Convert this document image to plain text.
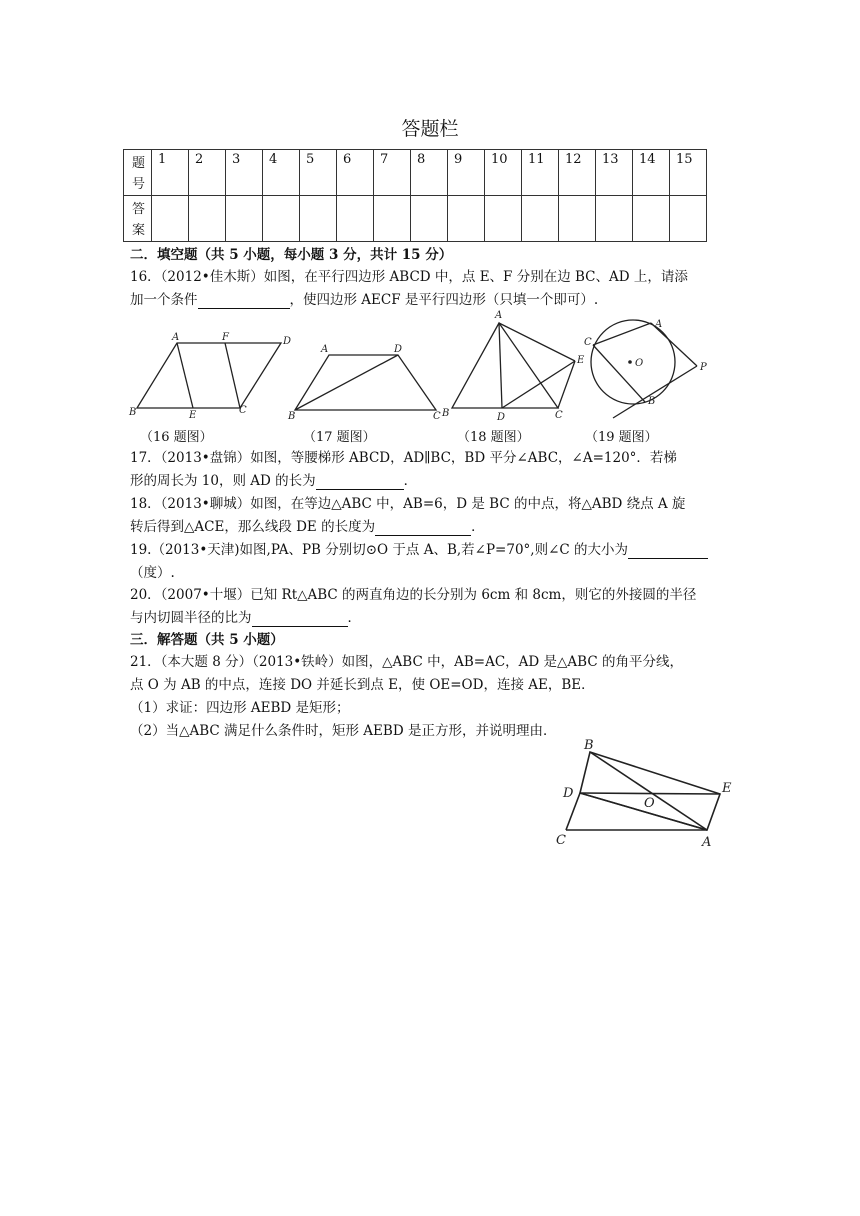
答题栏
题号	1	2	3	4	5	6	7	8	9	10	11	12	13	14	15
答案															
二．填空题（共 5 小题，每小题 3 分，共计 15 分）
16．（2012•佳木斯）如图，在平行四边形 ABCD 中，点 E、F 分别在边 BC、AD 上，请添
加一个条件	，使四边形 AECF 是平行四边形（只填一个即可）.
A	F	D
B	E	C
A	D
B	C
A
E
B	D	C
C
A
O	P
B
（16 题图）	（17 题图）	（18 题图）	（19 题图）
17．（2013•盘锦）如图，等腰梯形 ABCD，AD∥BC，BD 平分∠ABC，∠A=120°．若梯
形的周长为 10，则 AD 的长为	．
18．（2013•聊城）如图，在等边△ABC 中，AB=6，D 是 BC 的中点，将△ABD 绕点 A 旋
转后得到△ACE，那么线段 DE 的长度为	．
19.（2013•天津)如图,PA、PB 分别切⊙O 于点 A、B,若∠P=70°,则∠C 的大小为
（度）.
20．（2007•十堰）已知 Rt△ABC 的两直角边的长分别为 6cm 和 8cm，则它的外接圆的半径
与内切圆半径的比为	．
三．解答题（共 5 小题）
21．（本大题 8 分）（2013•铁岭）如图，△ABC 中，AB=AC，AD 是△ABC 的角平分线，
点 O 为 AB 的中点，连接 DO 并延长到点 E，使 OE=OD，连接 AE，BE．
（1）求证：四边形 AEBD 是矩形；
（2）当△ABC 满足什么条件时，矩形 AEBD 是正方形，并说明理由．
B
E
D
O
C	A
